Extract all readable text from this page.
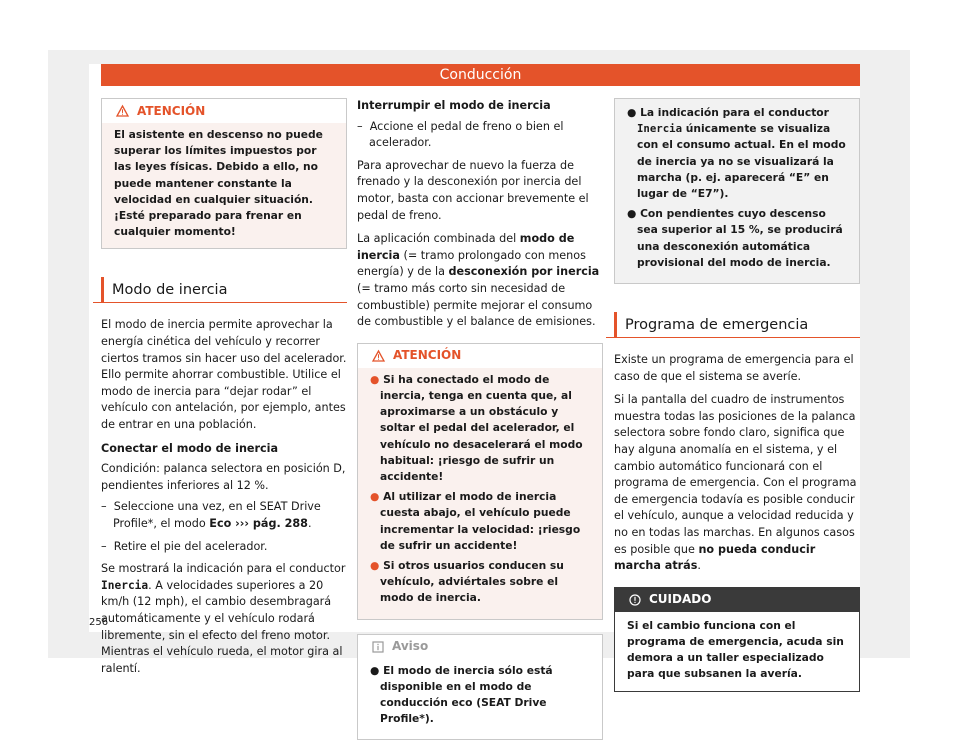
Conducción
ATENCIÓN
El asistente en descenso no puede superar los límites impuestos por las leyes físicas. Debido a ello, no puede mantener constante la velocidad en cualquier situación. ¡Esté preparado para frenar en cualquier momento!
Modo de inercia

El modo de inercia permite aprovechar la energía cinética del vehículo y recorrer ciertos tramos sin hacer uso del acelerador. Ello permite ahorrar combustible. Utilice el modo de inercia para “dejar rodar” el vehículo con antelación, por ejemplo, antes de entrar en una población.

Conectar el modo de inercia

Condición: palanca selectora en posición D, pendientes inferiores al 12 %.

–  Seleccione una vez, en el SEAT Drive Profile*, el modo Eco ››› pág. 288.
–  Retire el pie del acelerador.

Se mostrará la indicación para el conductor Inercia. A velocidades superiores a 20 km/h (12 mph), el cambio desembragará automáticamente y el vehículo rodará libremente, sin el efecto del freno motor. Mientras el vehículo rueda, el motor gira al ralentí.

Interrumpir el modo de inercia
–  Accione el pedal de freno o bien el acelerador.

Para aprovechar de nuevo la fuerza de frenado y la desconexión por inercia del motor, basta con accionar brevemente el pedal de freno.

La aplicación combinada del modo de inercia (= tramo prolongado con menos energía) y de la desconexión por inercia (= tramo más corto sin necesidad de combustible) permite mejorar el consumo de combustible y el balance de emisiones.

ATENCIÓN
● Si ha conectado el modo de inercia, tenga en cuenta que, al aproximarse a un obstáculo y soltar el pedal del acelerador, el vehículo no desacelerará el modo habitual: ¡riesgo de sufrir un accidente!
● Al utilizar el modo de inercia cuesta abajo, el vehículo puede incrementar la velocidad: ¡riesgo de sufrir un accidente!
● Si otros usuarios conducen su vehículo, adviértales sobre el modo de inercia.
Aviso
● El modo de inercia sólo está disponible en el modo de conducción eco (SEAT Drive Profile*).
● La indicación para el conductor Inercia únicamente se visualiza con el consumo actual. En el modo de inercia ya no se visualizará la marcha (p. ej. aparecerá “E” en lugar de “E7”).
● Con pendientes cuyo descenso sea superior al 15 %, se producirá una desconexión automática provisional del modo de inercia.
Programa de emergencia

Existe un programa de emergencia para el caso de que el sistema se averíe.

Si la pantalla del cuadro de instrumentos muestra todas las posiciones de la palanca selectora sobre fondo claro, significa que hay alguna anomalía en el sistema, y el cambio automático funcionará con el programa de emergencia. Con el programa de emergencia todavía es posible conducir el vehículo, aunque a velocidad reducida y no en todas las marchas. En algunos casos es posible que no pueda conducir marcha atrás.

CUIDADO
Si el cambio funciona con el programa de emergencia, acuda sin demora a un taller especializado para que subsanen la avería.
256
